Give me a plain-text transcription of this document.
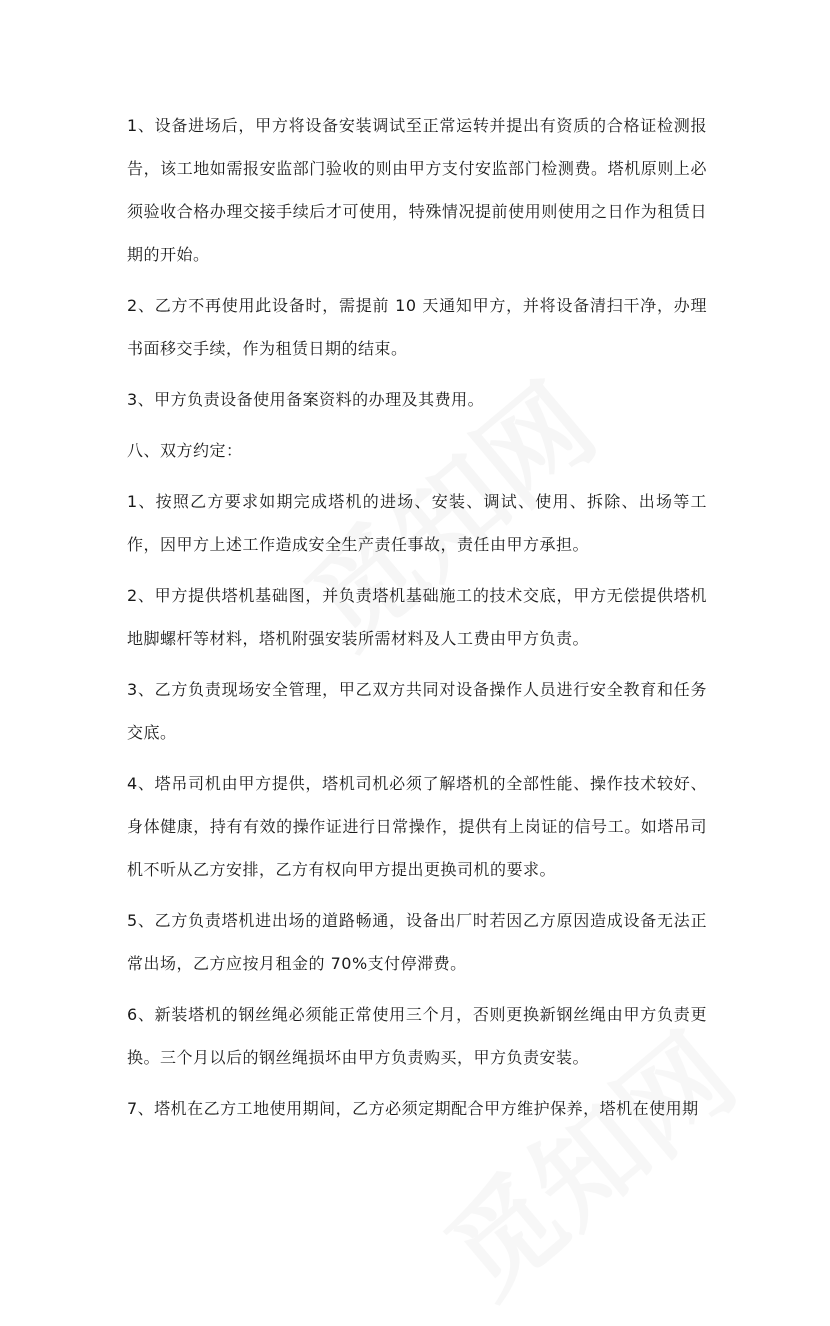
1、设备进场后，甲方将设备安装调试至正常运转并提出有资质的合格证检测报告，该工地如需报安监部门验收的则由甲方支付安监部门检测费。塔机原则上必须验收合格办理交接手续后才可使用，特殊情况提前使用则使用之日作为租赁日期的开始。

2、乙方不再使用此设备时，需提前 10 天通知甲方，并将设备清扫干净，办理书面移交手续，作为租赁日期的结束。

3、甲方负责设备使用备案资料的办理及其费用。

八、双方约定：

1、按照乙方要求如期完成塔机的进场、安装、调试、使用、拆除、出场等工作，因甲方上述工作造成安全生产责任事故，责任由甲方承担。

2、甲方提供塔机基础图，并负责塔机基础施工的技术交底，甲方无偿提供塔机地脚螺杆等材料，塔机附强安装所需材料及人工费由甲方负责。

3、乙方负责现场安全管理，甲乙双方共同对设备操作人员进行安全教育和任务交底。

4、塔吊司机由甲方提供，塔机司机必须了解塔机的全部性能、操作技术较好、身体健康，持有有效的操作证进行日常操作，提供有上岗证的信号工。如塔吊司机不听从乙方安排，乙方有权向甲方提出更换司机的要求。

5、乙方负责塔机进出场的道路畅通，设备出厂时若因乙方原因造成设备无法正常出场，乙方应按月租金的 70%支付停滞费。

6、新装塔机的钢丝绳必须能正常使用三个月，否则更换新钢丝绳由甲方负责更换。三个月以后的钢丝绳损坏由甲方负责购买，甲方负责安装。

7、塔机在乙方工地使用期间，乙方必须定期配合甲方维护保养，塔机在使用期
